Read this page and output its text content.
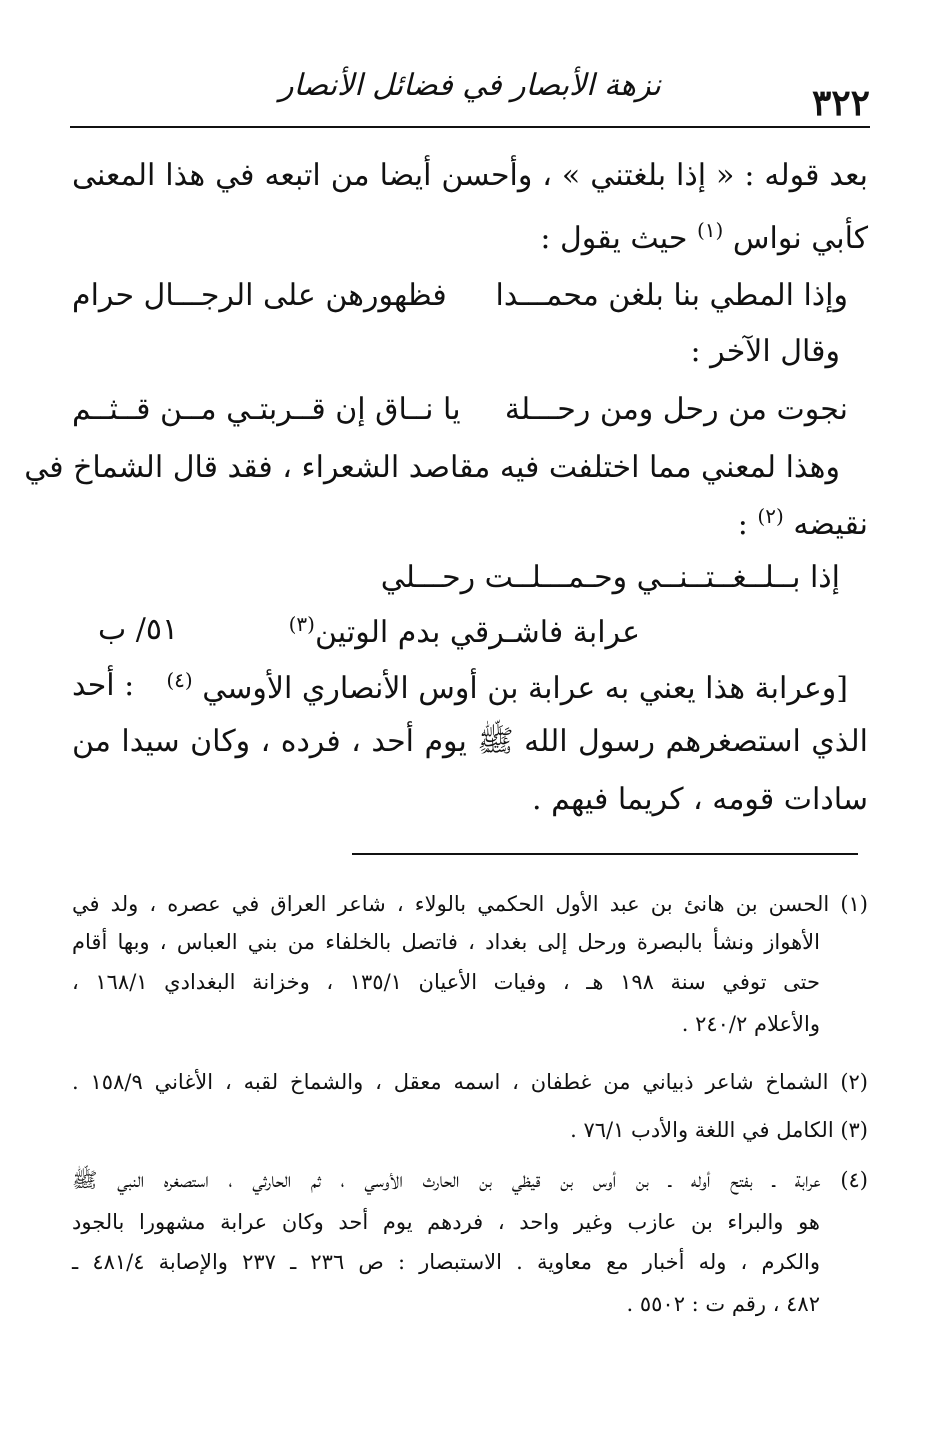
٣٢٢
نزهة الأبصار في فضائل الأنصار
بعد قوله : « إذا بلغتني » ، وأحسن أيضا من اتبعه في هذا المعنى
كأبي نواس $^{(١)}$ حيث يقول :
وإذا المطي بنا بلغن محمـــدا
فظهورهن على الرجـــال حرام
وقال الآخر :
نجوت من رحل ومن رحـــلة
يا نــاق إن قــربتـي مــن قــثــم
وهذا لمعني مما اختلفت فيه مقاصد الشعراء ، فقد قال الشماخ في
نقيضه $^{(٢)}$ :
إذا بــلــغــتــنــي وحـمـــلــت رحـــلي
عرابة فاشـرقي بدم الوتين$^{(٣)}$
٥١/ ب
[وعرابة هذا يعني به عرابة بن أوس الأنصاري الأوسي $^{(٤)}$
: أحد
الذي استصغرهم رسول الله ﷺ يوم أحد ، فرده ، وكان سيدا من
سادات قومه ، كريما فيهم .
(١) الحسن بن هانئ بن عبد الأول الحكمي بالولاء ، شاعر العراق في عصره ، ولد في
الأهواز ونشأ بالبصرة ورحل إلى بغداد ، فاتصل بالخلفاء من بني العباس ، وبها أقام
حتى توفي سنة ١٩٨ هـ ، وفيات الأعيان ١٣٥/١ ، وخزانة البغدادي ١٦٨/١ ،
والأعلام ٢٤٠/٢ .
(٢) الشماخ شاعر ذبياني من غطفان ، اسمه معقل ، والشماخ لقبه ، الأغاني ١٥٨/٩ .
(٣) الكامل في اللغة والأدب ٧٦/١ .
(٤) عرابة ـ بفتح أوله ـ بن أوس بن قيظي بن الحارث الأوسي ، ثم الحارثي ، استصغره النبي ﷺ
هو والبراء بن عازب وغير واحد ، فردهم يوم أحد وكان عرابة مشهورا بالجود
والكرم ، وله أخبار مع معاوية . الاستبصار : ص ٢٣٦ ـ ٢٣٧ والإصابة ٤٨١/٤ ـ
٤٨٢ ، رقم ت : ٥٥٠٢ .
